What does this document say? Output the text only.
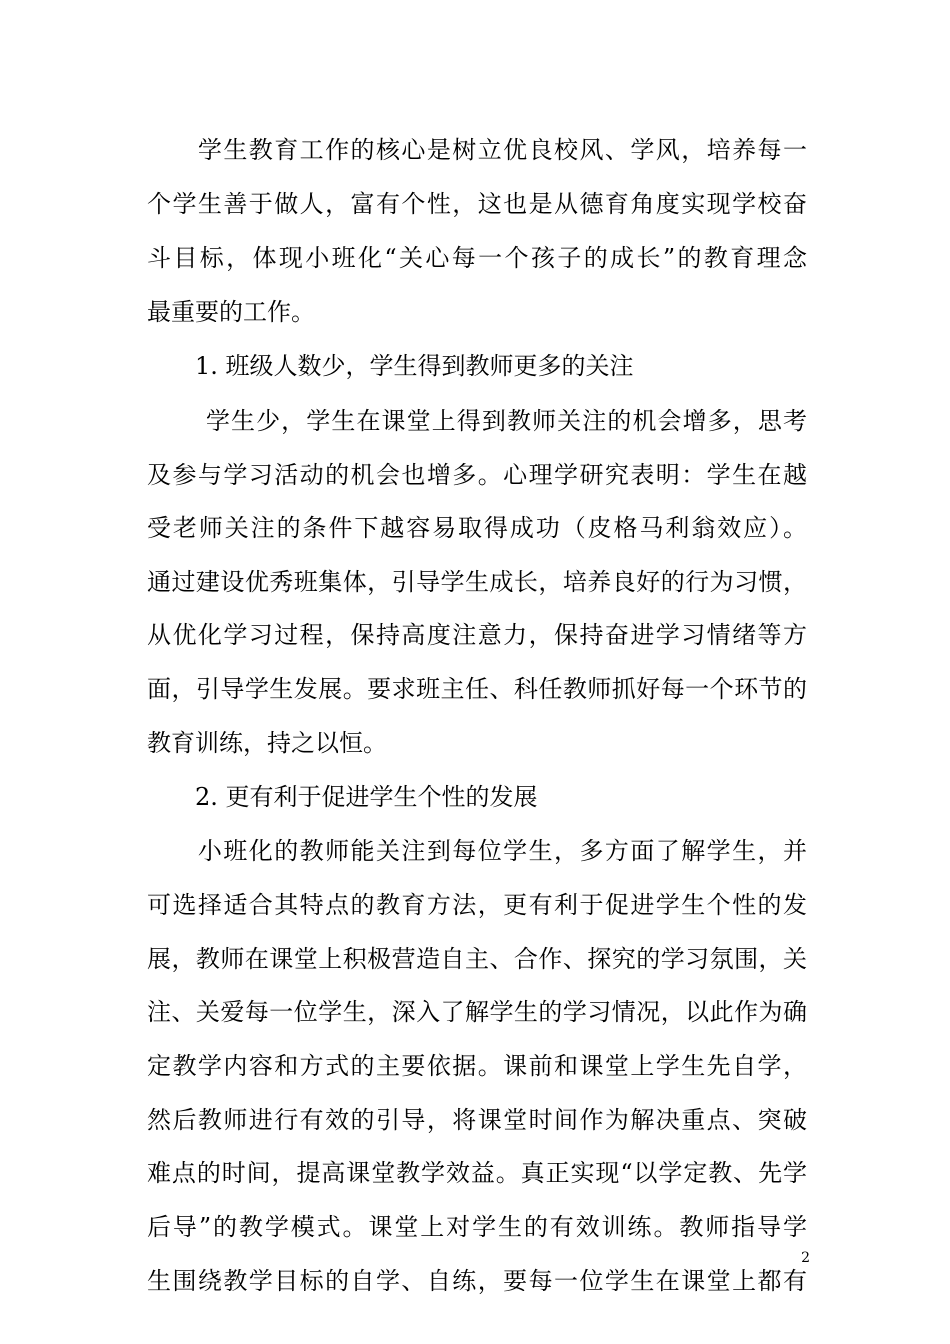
　　学生教育工作的核心是树立优良校风、学风，培养每一
个学生善于做人，富有个性，这也是从德育角度实现学校奋
斗目标，体现小班化“关心每一个孩子的成长”的教育理念
最重要的工作。
　　1. 班级人数少，学生得到教师更多的关注
　　 学生少，学生在课堂上得到教师关注的机会增多，思考
及参与学习活动的机会也增多。心理学研究表明：学生在越
受老师关注的条件下越容易取得成功（皮格马利翁效应）。
通过建设优秀班集体，引导学生成长，培养良好的行为习惯，
从优化学习过程，保持高度注意力，保持奋进学习情绪等方
面，引导学生发展。要求班主任、科任教师抓好每一个环节的
教育训练，持之以恒。
　　2. 更有利于促进学生个性的发展
　　小班化的教师能关注到每位学生，多方面了解学生，并
可选择适合其特点的教育方法，更有利于促进学生个性的发
展，教师在课堂上积极营造自主、合作、探究的学习氛围，关
注、关爱每一位学生，深入了解学生的学习情况，以此作为确
定教学内容和方式的主要依据。课前和课堂上学生先自学，
然后教师进行有效的引导，将课堂时间作为解决重点、突破
难点的时间，提高课堂教学效益。真正实现“以学定教、先学
后导”的教学模式。课堂上对学生的有效训练。教师指导学
生围绕教学目标的自学、自练，要每一位学生在课堂上都有
2
